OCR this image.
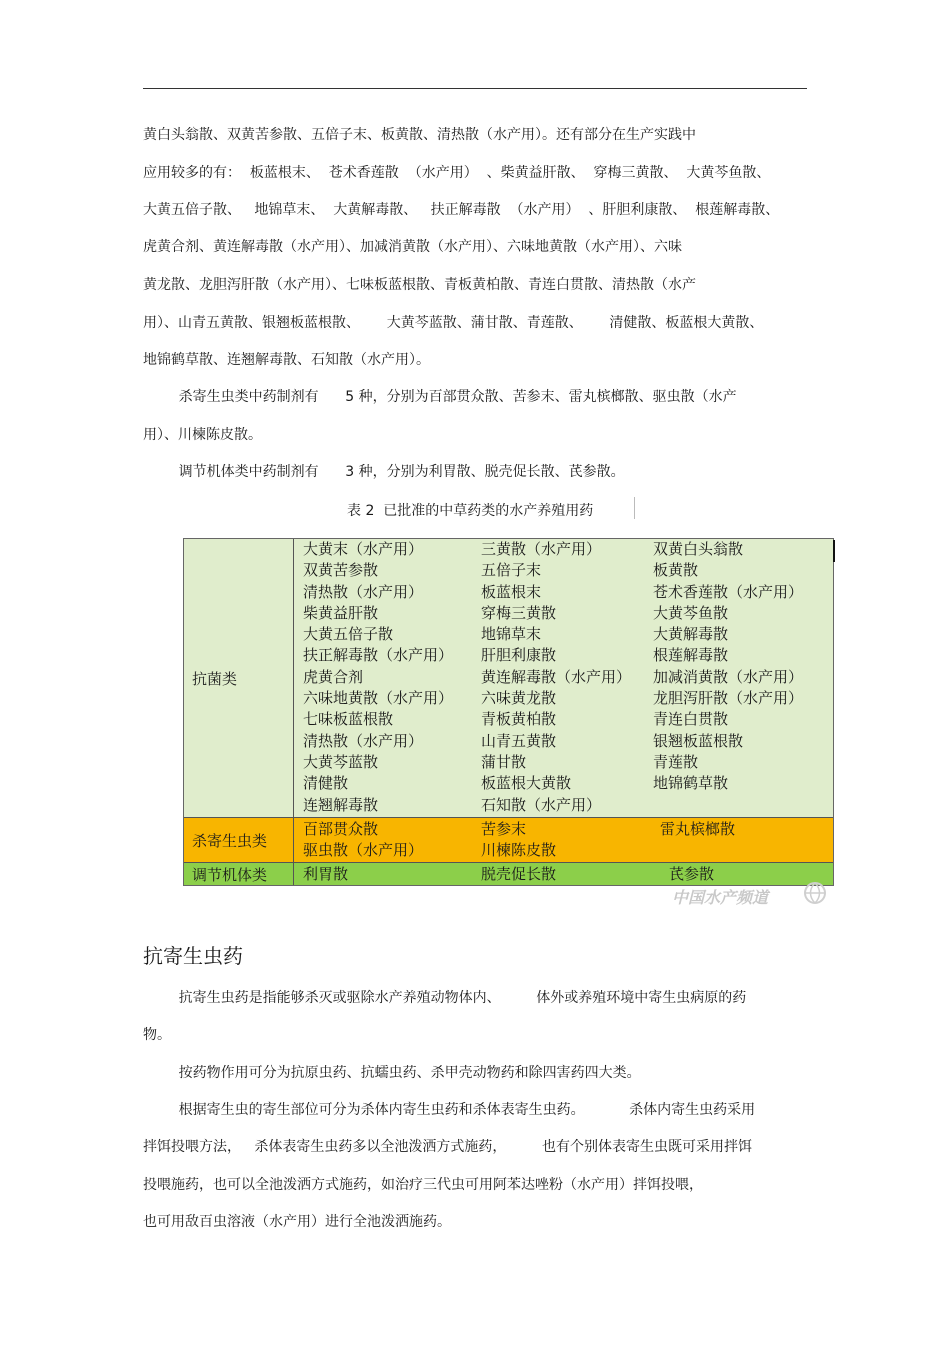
黄白头翁散、双黄苦参散、五倍子末、板黄散、清热散（水产用）。还有部分在生产实践中
应用较多的有：  板蓝根末、  苍术香莲散  （水产用）  、柴黄益肝散、  穿梅三黄散、  大黄芩鱼散、
大黄五倍子散、   地锦草末、  大黄解毒散、   扶正解毒散  （水产用）  、肝胆利康散、  根莲解毒散、
虎黄合剂、黄连解毒散（水产用）、加减消黄散（水产用）、六味地黄散（水产用）、六味
黄龙散、龙胆泻肝散（水产用）、七味板蓝根散、青板黄柏散、青连白贯散、清热散（水产
用）、山青五黄散、银翘板蓝根散、      大黄芩蓝散、蒲甘散、青莲散、      清健散、板蓝根大黄散、
地锦鹤草散、连翘解毒散、石知散（水产用）。
杀寄生虫类中药制剂有      5 种，分别为百部贯众散、苦参末、雷丸槟榔散、驱虫散（水产
用）、川楝陈皮散。
调节机体类中药制剂有      3 种，分别为利胃散、脱壳促长散、芪参散。
表 2  已批准的中草药类的水产养殖用药
抗菌类
大黄末（水产用）
双黄苦参散
清热散（水产用）
柴黄益肝散
大黄五倍子散
扶正解毒散（水产用）
虎黄合剂
六味地黄散（水产用）
七味板蓝根散
清热散（水产用）
大黄芩蓝散
清健散
连翘解毒散
三黄散（水产用）
五倍子末
板蓝根末
穿梅三黄散
地锦草末
肝胆利康散
黄连解毒散（水产用）
六味黄龙散
青板黄柏散
山青五黄散
蒲甘散
板蓝根大黄散
石知散（水产用）
双黄白头翁散
板黄散
苍术香莲散（水产用）
大黄芩鱼散
大黄解毒散
根莲解毒散
加减消黄散（水产用）
龙胆泻肝散（水产用）
青连白贯散
银翘板蓝根散
青莲散
地锦鹤草散
杀寄生虫类
百部贯众散
驱虫散（水产用）
苦参末
川楝陈皮散
雷丸槟榔散
调节机体类 利胃散	脱壳促长散	芪参散
中国水产频道
抗寄生虫药
抗寄生虫药是指能够杀灭或驱除水产养殖动物体内、        体外或养殖环境中寄生虫病原的药
物。
按药物作用可分为抗原虫药、抗蠕虫药、杀甲壳动物药和除四害药四大类。
根据寄生虫的寄生部位可分为杀体内寄生虫药和杀体表寄生虫药。          杀体内寄生虫药采用
拌饵投喂方法，   杀体表寄生虫药多以全池泼洒方式施药，        也有个别体表寄生虫既可采用拌饵
投喂施药，也可以全池泼洒方式施药，如治疗三代虫可用阿苯达唑粉（水产用）拌饵投喂，
也可用敌百虫溶液（水产用）进行全池泼洒施药。
